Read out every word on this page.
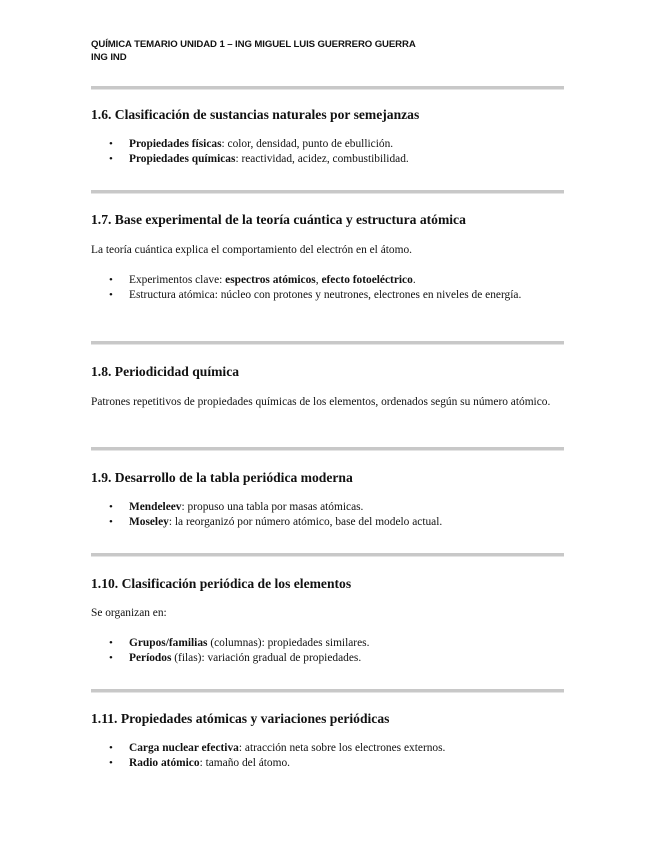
QUÍMICA TEMARIO UNIDAD 1 – ING MIGUEL LUIS GUERRERO GUERRA
ING IND
1.6. Clasificación de sustancias naturales por semejanzas
• Propiedades físicas: color, densidad, punto de ebullición.
• Propiedades químicas: reactividad, acidez, combustibilidad.
1.7. Base experimental de la teoría cuántica y estructura atómica

La teoría cuántica explica el comportamiento del electrón en el átomo.

• Experimentos clave: espectros atómicos, efecto fotoeléctrico.
• Estructura atómica: núcleo con protones y neutrones, electrones en niveles de energía.
1.8. Periodicidad química

Patrones repetitivos de propiedades químicas de los elementos, ordenados según su número atómico.

1.9. Desarrollo de la tabla periódica moderna
• Mendeleev: propuso una tabla por masas atómicas.
• Moseley: la reorganizó por número atómico, base del modelo actual.
1.10. Clasificación periódica de los elementos

Se organizan en:

• Grupos/familias (columnas): propiedades similares.
• Períodos (filas): variación gradual de propiedades.
1.11. Propiedades atómicas y variaciones periódicas
• Carga nuclear efectiva: atracción neta sobre los electrones externos.
• Radio atómico: tamaño del átomo.
